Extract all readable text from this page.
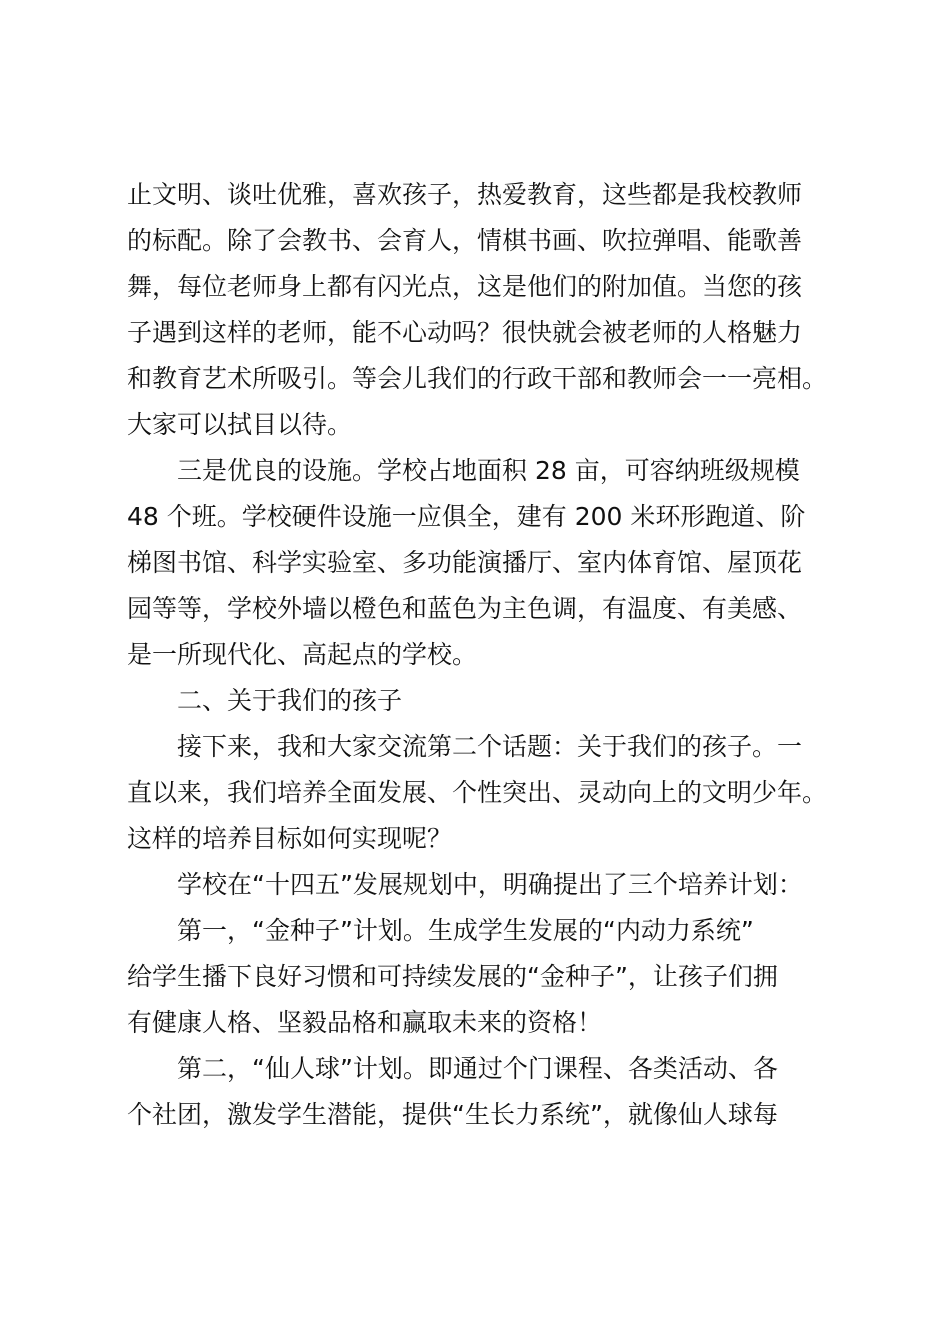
止文明、谈吐优雅，喜欢孩子，热爱教育，这些都是我校教师
的标配。除了会教书、会育人，情棋书画、吹拉弹唱、能歌善
舞，每位老师身上都有闪光点，这是他们的附加值。当您的孩
子遇到这样的老师，能不心动吗？很快就会被老师的人格魅力
和教育艺术所吸引。等会儿我们的行政干部和教师会一一亮相。
大家可以拭目以待。
三是优良的设施。学校占地面积 28 亩，可容纳班级规模
48 个班。学校硬件设施一应俱全，建有 200 米环形跑道、阶
梯图书馆、科学实验室、多功能演播厅、室内体育馆、屋顶花
园等等，学校外墙以橙色和蓝色为主色调，有温度、有美感、
是一所现代化、高起点的学校。
二、关于我们的孩子
接下来，我和大家交流第二个话题：关于我们的孩子。一
直以来，我们培养全面发展、个性突出、灵动向上的文明少年。
这样的培养目标如何实现呢？
学校在“十四五”发展规划中，明确提出了三个培养计划：
第一，“金种子”计划。生成学生发展的“内动力系统”
给学生播下良好习惯和可持续发展的“金种子”，让孩子们拥
有健康人格、坚毅品格和赢取未来的资格！
第二，“仙人球”计划。即通过个门课程、各类活动、各
个社团，激发学生潜能，提供“生长力系统”，就像仙人球每
